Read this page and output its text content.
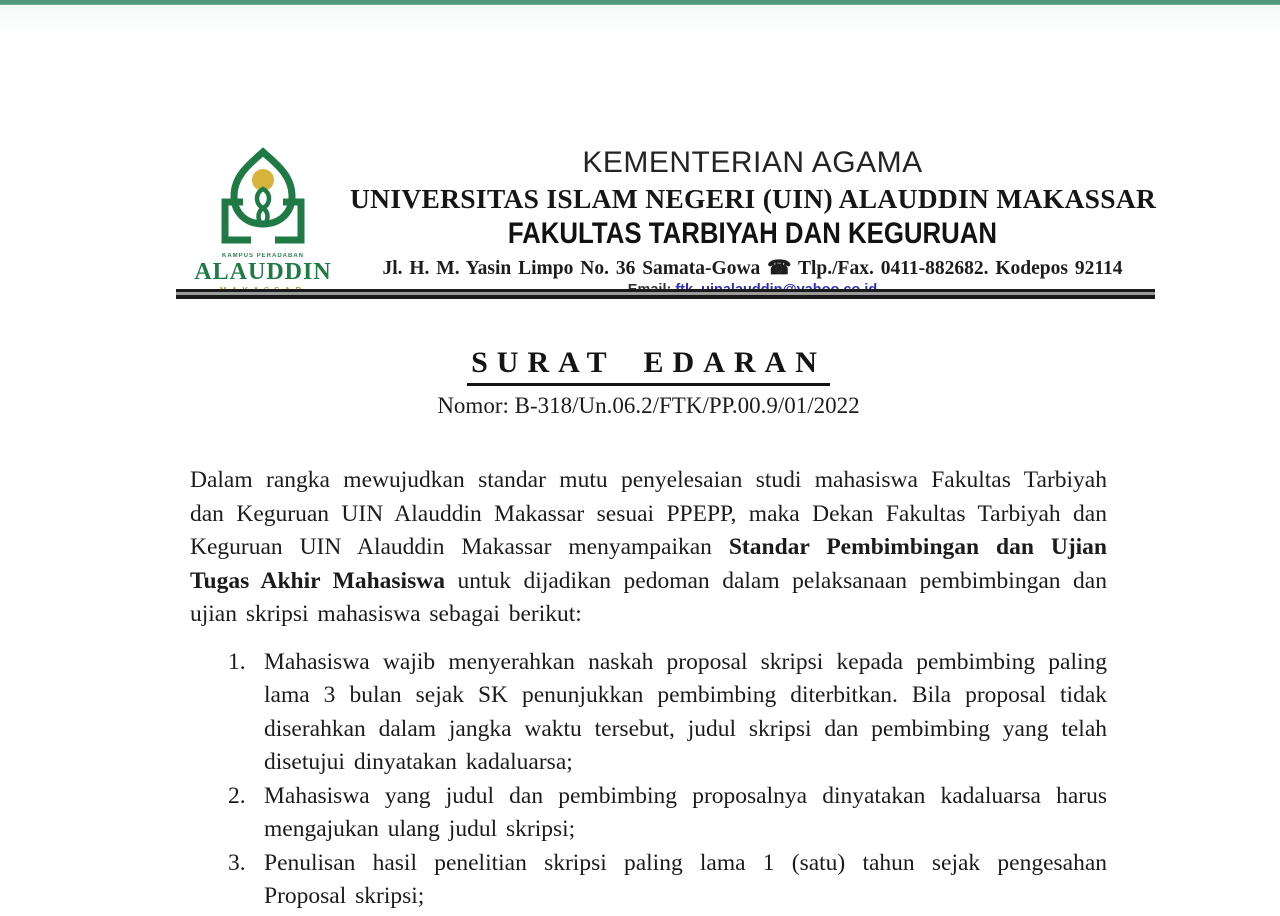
KAMPUS PERADABAN
ALAUDDIN
KEMENTERIAN AGAMA
UNIVERSITAS ISLAM NEGERI (UIN) ALAUDDIN MAKASSAR
FAKULTAS TARBIYAH DAN KEGURUAN
Jl. H. M. Yasin Limpo No. 36 Samata-Gowa ☎ Tlp./Fax. 0411-882682. Kodepos 92114
SURAT EDARAN
Nomor: B-318/Un.06.2/FTK/PP.00.9/01/2022

Dalam rangka mewujudkan standar mutu penyelesaian studi mahasiswa Fakultas Tarbiyah dan Keguruan UIN Alauddin Makassar sesuai PPEPP, maka Dekan Fakultas Tarbiyah dan Keguruan UIN Alauddin Makassar menyampaikan Standar Pembimbingan dan Ujian Tugas Akhir Mahasiswa untuk dijadikan pedoman dalam pelaksanaan pembimbingan dan ujian skripsi mahasiswa sebagai berikut:

1. Mahasiswa wajib menyerahkan naskah proposal skripsi kepada pembimbing paling lama 3 bulan sejak SK penunjukkan pembimbing diterbitkan. Bila proposal tidak diserahkan dalam jangka waktu tersebut, judul skripsi dan pembimbing yang telah disetujui dinyatakan kadaluarsa;
2. Mahasiswa yang judul dan pembimbing proposalnya dinyatakan kadaluarsa harus mengajukan ulang judul skripsi;
3. Penulisan hasil penelitian skripsi paling lama 1 (satu) tahun sejak pengesahan Proposal skripsi;
